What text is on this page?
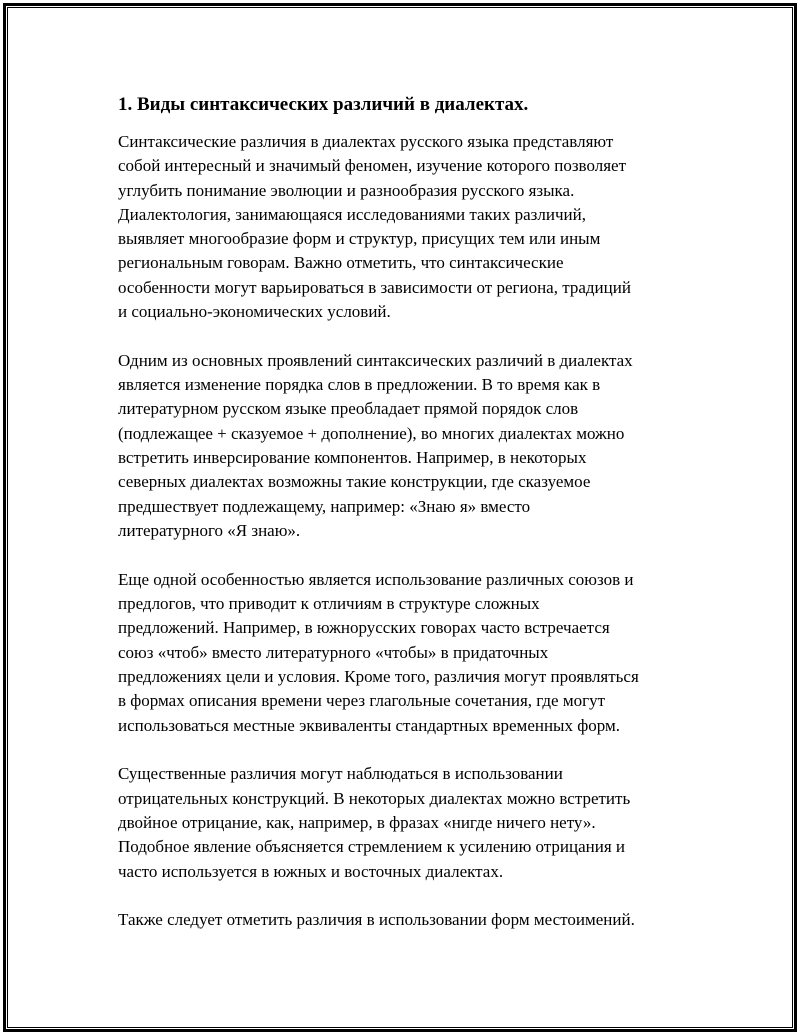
1. Виды синтаксических различий в диалектах.
Синтаксические различия в диалектах русского языка представляют
собой интересный и значимый феномен, изучение которого позволяет
углубить понимание эволюции и разнообразия русского языка.
Диалектология, занимающаяся исследованиями таких различий,
выявляет многообразие форм и структур, присущих тем или иным
региональным говорам. Важно отметить, что синтаксические
особенности могут варьироваться в зависимости от региона, традиций
и социально-экономических условий.
Одним из основных проявлений синтаксических различий в диалектах
является изменение порядка слов в предложении. В то время как в
литературном русском языке преобладает прямой порядок слов
(подлежащее + сказуемое + дополнение), во многих диалектах можно
встретить инверсирование компонентов. Например, в некоторых
северных диалектах возможны такие конструкции, где сказуемое
предшествует подлежащему, например: «Знаю я» вместо
литературного «Я знаю».
Еще одной особенностью является использование различных союзов и
предлогов, что приводит к отличиям в структуре сложных
предложений. Например, в южнорусских говорах часто встречается
союз «чтоб» вместо литературного «чтобы» в придаточных
предложениях цели и условия. Кроме того, различия могут проявляться
в формах описания времени через глагольные сочетания, где могут
использоваться местные эквиваленты стандартных временных форм.
Существенные различия могут наблюдаться в использовании
отрицательных конструкций. В некоторых диалектах можно встретить
двойное отрицание, как, например, в фразах «нигде ничего нету».
Подобное явление объясняется стремлением к усилению отрицания и
часто используется в южных и восточных диалектах.
Также следует отметить различия в использовании форм местоимений.
